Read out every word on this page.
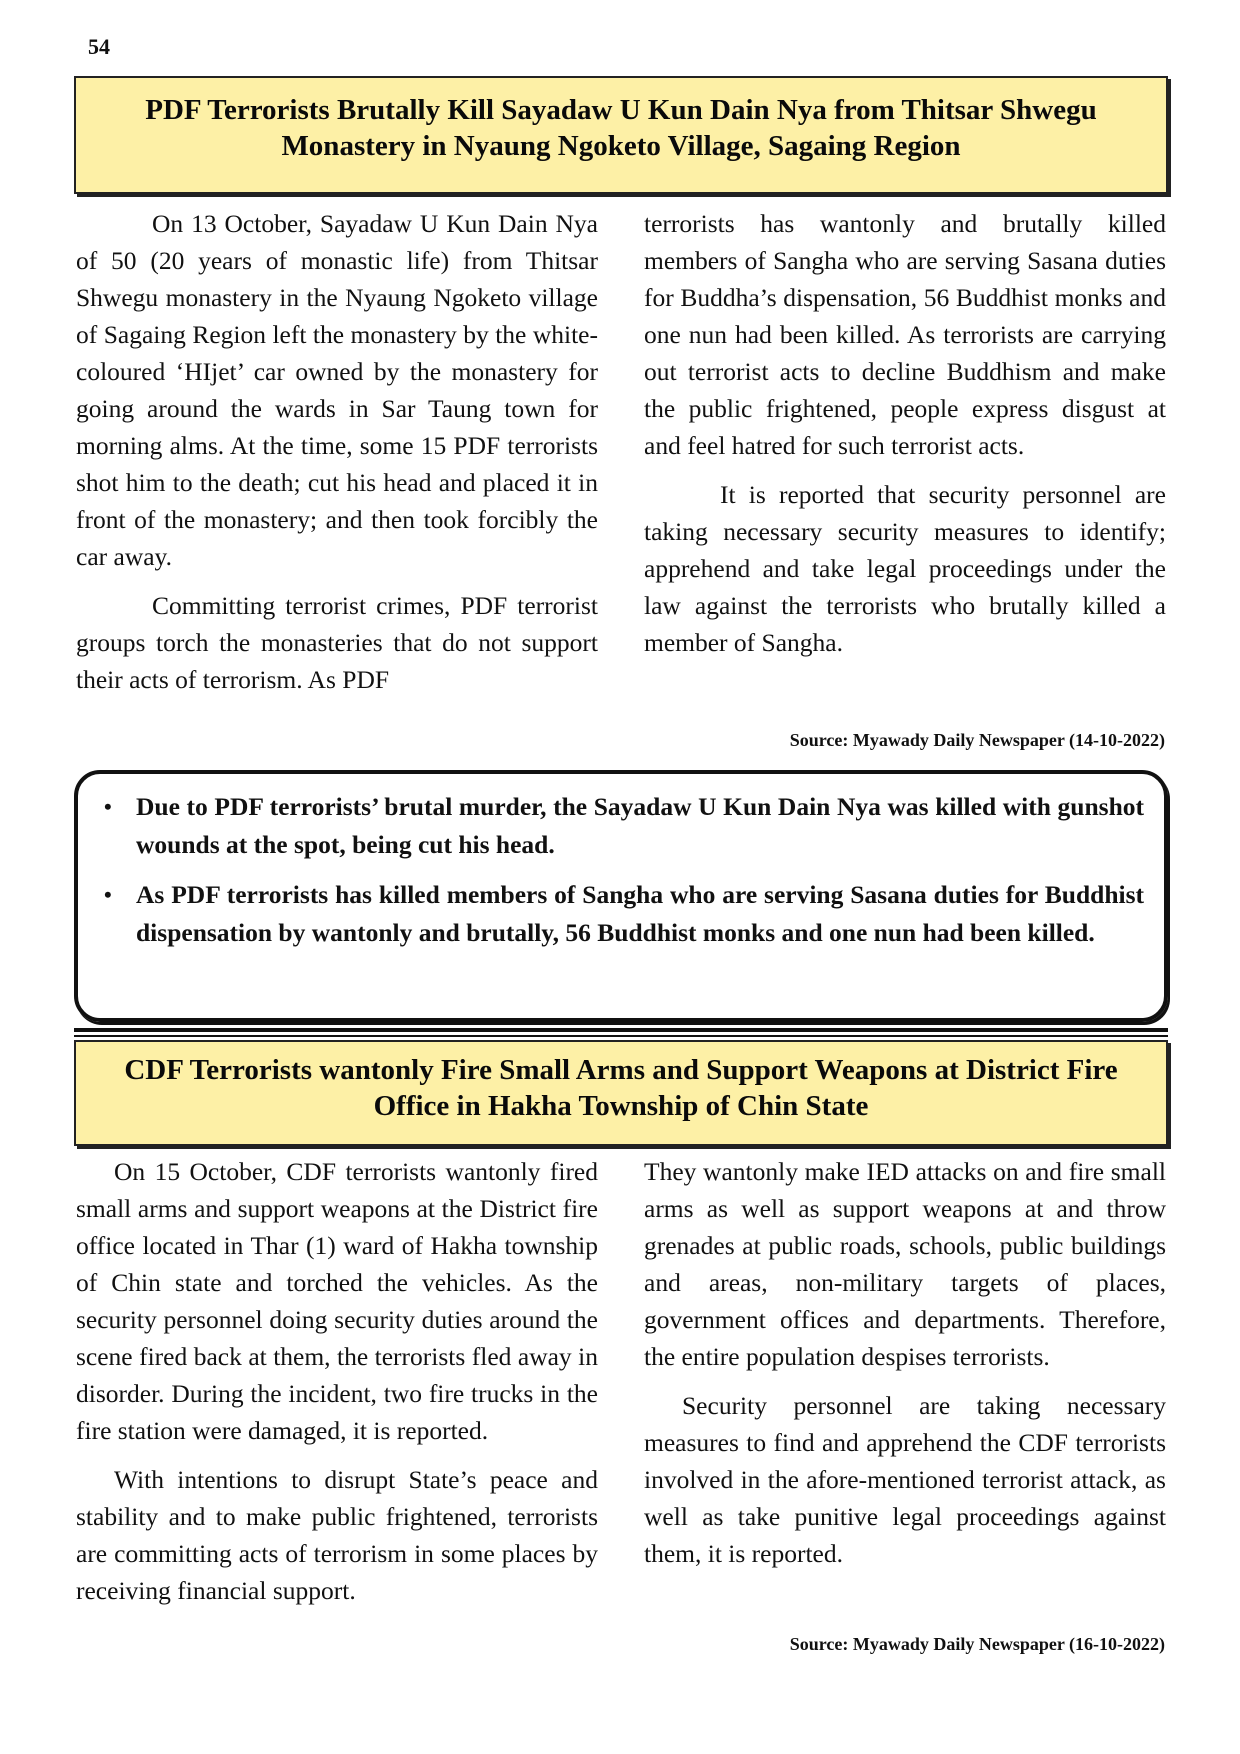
54
PDF Terrorists Brutally Kill Sayadaw U Kun Dain Nya from Thitsar Shwegu Monastery in Nyaung Ngoketo Village, Sagaing Region

On 13 October, Sayadaw U Kun Dain Nya of 50 (20 years of monastic life) from Thitsar Shwegu monastery in the Nyaung Ngoketo village of Sagaing Region left the monastery by the white-coloured ‘HIjet’ car owned by the monastery for going around the wards in Sar Taung town for morning alms. At the time, some 15 PDF terrorists shot him to the death; cut his head and placed it in front of the monastery; and then took forcibly the car away.

Committing terrorist crimes, PDF terrorist groups torch the monasteries that do not support their acts of terrorism. As PDF

terrorists has wantonly and brutally killed members of Sangha who are serving Sasana duties for Buddha’s dispensation, 56 Buddhist monks and one nun had been killed. As terrorists are carrying out terrorist acts to decline Buddhism and make the public frightened, people express disgust at and feel hatred for such terrorist acts.

It is reported that security personnel are taking necessary security measures to identify; apprehend and take legal proceedings under the law against the terrorists who brutally killed a member of Sangha.

Source: Myawady Daily Newspaper (14-10-2022)
• Due to PDF terrorists’ brutal murder, the Sayadaw U Kun Dain Nya was killed with gunshot wounds at the spot, being cut his head.
• As PDF terrorists has killed members of Sangha who are serving Sasana duties for Buddhist dispensation by wantonly and brutally, 56 Buddhist monks and one nun had been killed.
CDF Terrorists wantonly Fire Small Arms and Support Weapons at District Fire Office in Hakha Township of Chin State

On 15 October, CDF terrorists wantonly fired small arms and support weapons at the District fire office located in Thar (1) ward of Hakha township of Chin state and torched the vehicles. As the security personnel doing security duties around the scene fired back at them, the terrorists fled away in disorder. During the incident, two fire trucks in the fire station were damaged, it is reported.

With intentions to disrupt State’s peace and stability and to make public frightened, terrorists are committing acts of terrorism in some places by receiving financial support.

They wantonly make IED attacks on and fire small arms as well as support weapons at and throw grenades at public roads, schools, public buildings and areas, non-military targets of places, government offices and departments. Therefore, the entire population despises terrorists.

Security personnel are taking necessary measures to find and apprehend the CDF terrorists involved in the afore-mentioned terrorist attack, as well as take punitive legal proceedings against them, it is reported.

Source: Myawady Daily Newspaper (16-10-2022)
